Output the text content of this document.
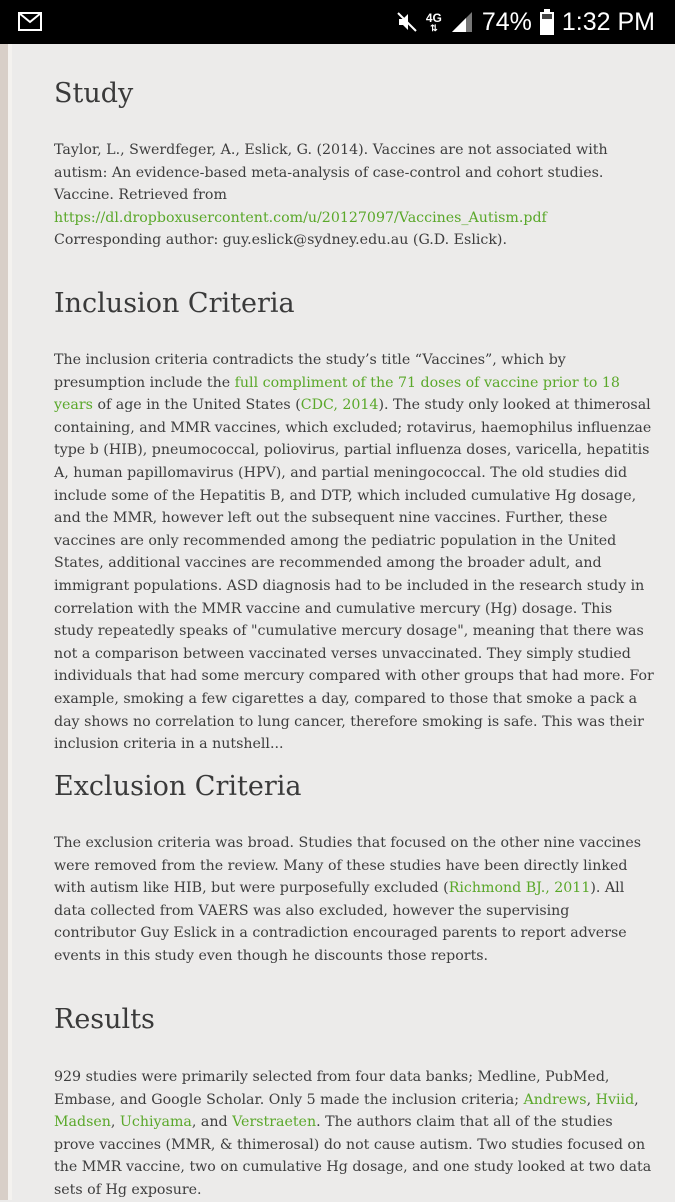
4G
⇅ 74% 1:32 PM
Study

Taylor, L., Swerdfeger, A., Eslick, G. (2014). Vaccines are not associated with autism: An evidence-based meta-analysis of case-control and cohort studies. Vaccine. Retrieved from https://dl.dropboxusercontent.com/u/20127097/Vaccines_Autism.pdf

Corresponding author: guy.eslick@sydney.edu.au (G.D. Eslick).

Inclusion Criteria

The inclusion criteria contradicts the study’s title “Vaccines”, which by presumption include the full compliment of the 71 doses of vaccine prior to 18 years of age in the United States (CDC, 2014). The study only looked at thimerosal containing, and MMR vaccines, which excluded; rotavirus, haemophilus influenzae type b (HIB), pneumococcal, poliovirus, partial influenza doses, varicella, hepatitis A, human papillomavirus (HPV), and partial meningococcal. The old studies did include some of the Hepatitis B, and DTP, which included cumulative Hg dosage, and the MMR, however left out the subsequent nine vaccines. Further, these vaccines are only recommended among the pediatric population in the United States, additional vaccines are recommended among the broader adult, and immigrant populations. ASD diagnosis had to be included in the research study in correlation with the MMR vaccine and cumulative mercury (Hg) dosage. This study repeatedly speaks of "cumulative mercury dosage", meaning that there was not a comparison between vaccinated verses unvaccinated. They simply studied individuals that had some mercury compared with other groups that had more. For example, smoking a few cigarettes a day, compared to those that smoke a pack a day shows no correlation to lung cancer, therefore smoking is safe. This was their inclusion criteria in a nutshell...

Exclusion Criteria

The exclusion criteria was broad. Studies that focused on the other nine vaccines were removed from the review. Many of these studies have been directly linked with autism like HIB, but were purposefully excluded (Richmond BJ., 2011). All data collected from VAERS was also excluded, however the supervising contributor Guy Eslick in a contradiction encouraged parents to report adverse events in this study even though he discounts those reports.

Results

929 studies were primarily selected from four data banks; Medline, PubMed, Embase, and Google Scholar. Only 5 made the inclusion criteria; Andrews, Hviid, Madsen, Uchiyama, and Verstraeten. The authors claim that all of the studies prove vaccines (MMR, & thimerosal) do not cause autism. Two studies focused on the MMR vaccine, two on cumulative Hg dosage, and one study looked at two data sets of Hg exposure.
